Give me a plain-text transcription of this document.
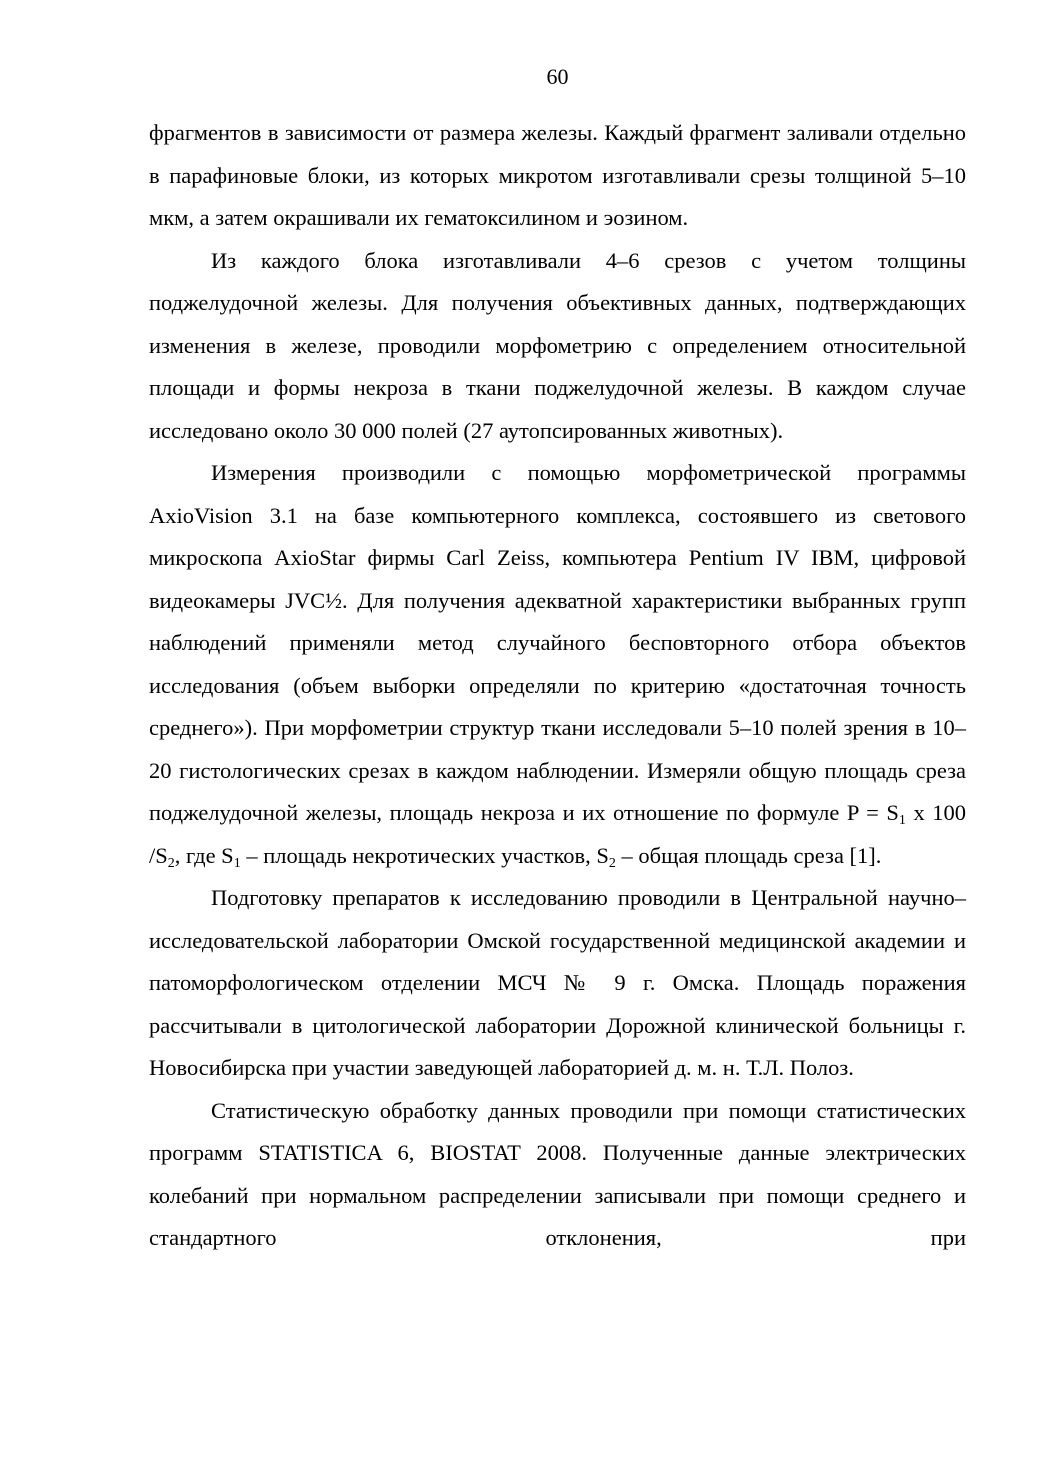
60

фрагментов в зависимости от размера железы. Каждый фрагмент заливали отдельно в парафиновые блоки, из которых микротом изготавливали срезы толщиной 5–10 мкм, а затем окрашивали их гематоксилином и эозином.

Из каждого блока изготавливали 4–6 срезов с учетом толщины поджелудочной железы. Для получения объективных данных, подтверждающих изменения в железе, проводили морфометрию с определением относительной площади и формы некроза в ткани поджелудочной железы. В каждом случае исследовано около 30 000 полей (27 аутопсированных животных).

Измерения производили с помощью морфометрической программы AxioVision 3.1 на базе компьютерного комплекса, состоявшего из светового микроскопа AxioStar фирмы Carl Zeiss, компьютера Pentium IV IBM, цифровой видеокамеры JVC½. Для получения адекватной характеристики выбранных групп наблюдений применяли метод случайного бесповторного отбора объектов исследования (объем выборки определяли по критерию «достаточная точность среднего»). При морфометрии структур ткани исследовали 5–10 полей зрения в 10–20 гистологических срезах в каждом наблюдении. Измеряли общую площадь среза поджелудочной железы, площадь некроза и их отношение по формуле $P = S_1$ х 100 $/S_2$, где $S_1$ – площадь некротических участков, $S_2$ – общая площадь среза [1].

Подготовку препаратов к исследованию проводили в Центральной научно–исследовательской лаборатории Омской государственной медицинской академии и патоморфологическом отделении МСЧ № 9 г. Омска. Площадь поражения рассчитывали в цитологической лаборатории Дорожной клинической больницы г. Новосибирска при участии заведующей лабораторией д. м. н. Т.Л. Полоз.

Статистическую обработку данных проводили при помощи статистических программ STATISTICA 6, BIOSTAT 2008. Полученные данные электрических колебаний при нормальном распределении записывали при помощи среднего и стандартного отклонения, при
